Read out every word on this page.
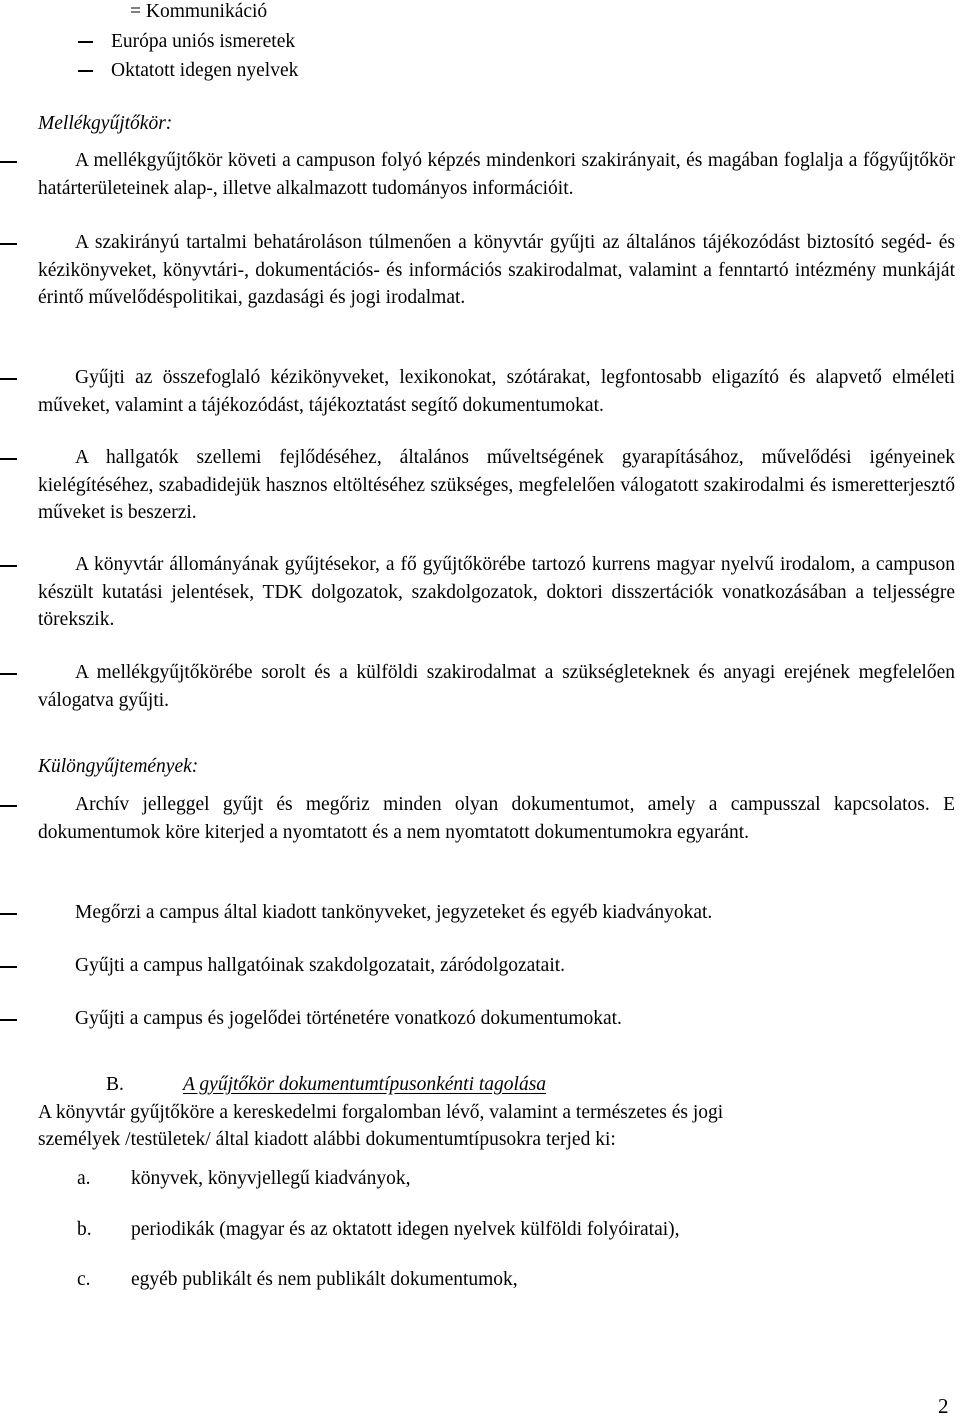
= Kommunikáció
Európa uniós ismeretek
Oktatott idegen nyelvek
Mellékgyűjtőkör:
A mellékgyűjtőkör követi a campuson folyó képzés mindenkori szakirányait, és magában foglalja a főgyűjtőkör határterületeinek alap-, illetve alkalmazott tudományos információit.
A szakirányú tartalmi behatároláson túlmenően a könyvtár gyűjti az általános tájékozódást biztosító segéd- és kézikönyveket, könyvtári-, dokumentációs- és információs szakirodalmat, valamint a fenntartó intézmény munkáját érintő művelődéspolitikai, gazdasági és jogi irodalmat.
Gyűjti az összefoglaló kézikönyveket, lexikonokat, szótárakat, legfontosabb eligazító és alapvető elméleti műveket, valamint a tájékozódást, tájékoztatást segítő dokumentumokat.
A hallgatók szellemi fejlődéséhez, általános műveltségének gyarapításához, művelődési igényeinek kielégítéséhez, szabadidejük hasznos eltöltéséhez szükséges, megfelelően válogatott szakirodalmi és ismeretterjesztő műveket is beszerzi.
A könyvtár állományának gyűjtésekor, a fő gyűjtőkörébe tartozó kurrens magyar nyelvű irodalom, a campuson készült kutatási jelentések, TDK dolgozatok, szakdolgozatok, doktori disszertációk vonatkozásában a teljességre törekszik.
A mellékgyűjtőkörébe sorolt és a külföldi szakirodalmat a szükségleteknek és anyagi erejének megfelelően válogatva gyűjti.
Különgyűjtemények:
Archív jelleggel gyűjt és megőriz minden olyan dokumentumot, amely a campusszal kapcsolatos. E dokumentumok köre kiterjed a nyomtatott és a nem nyomtatott dokumentumokra egyaránt.
Megőrzi a campus által kiadott tankönyveket, jegyzeteket és egyéb kiadványokat.
Gyűjti a campus hallgatóinak szakdolgozatait, záródolgozatait.
Gyűjti a campus és jogelődei történetére vonatkozó dokumentumokat.
B.	A gyűjtőkör dokumentumtípusonkénti tagolása
A könyvtár gyűjtőköre a kereskedelmi forgalomban lévő, valamint a természetes és jogi
személyek /testületek/ által kiadott alábbi dokumentumtípusokra terjed ki:
a. könyvek, könyvjellegű kiadványok,
b. periodikák (magyar és az oktatott idegen nyelvek külföldi folyóiratai),
c. egyéb publikált és nem publikált dokumentumok,
2
